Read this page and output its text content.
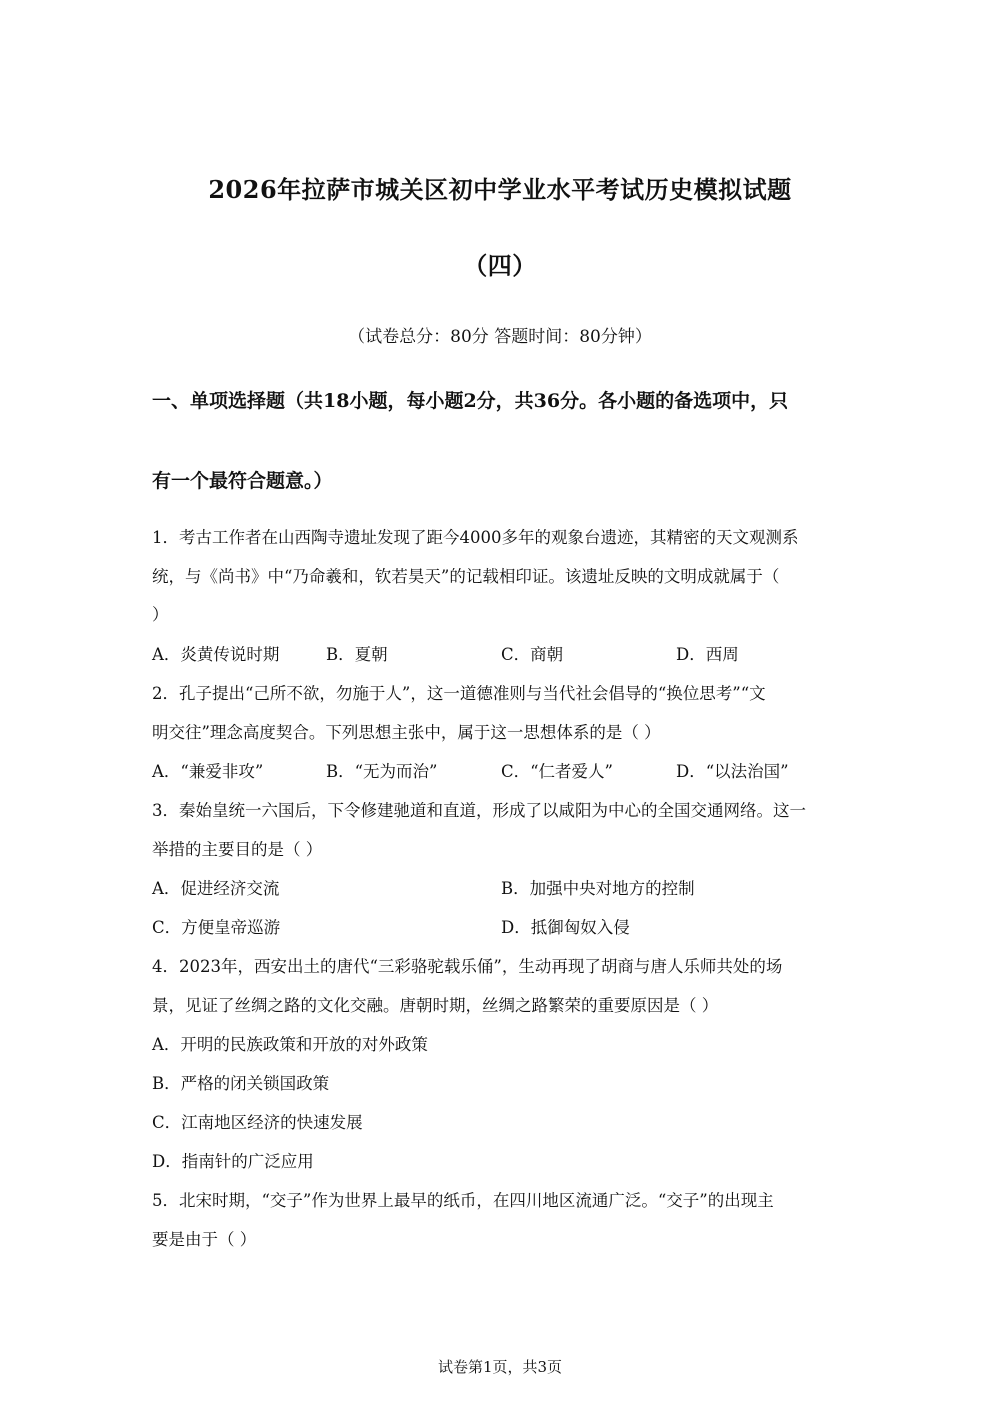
2026年拉萨市城关区初中学业水平考试历史模拟试题
（四）
（试卷总分：80分 答题时间：80分钟）
一、单项选择题（共18小题，每小题2分，共36分。各小题的备选项中，只
有一个最符合题意。）
1．考古工作者在山西陶寺遗址发现了距今4000多年的观象台遗迹，其精密的天文观测系
统，与《尚书》中“乃命羲和，钦若昊天”的记载相印证。该遗址反映的文明成就属于（
）
A．炎黄传说时期	B．夏朝	C．商朝	D．西周
2．孔子提出“己所不欲，勿施于人”，这一道德准则与当代社会倡导的“换位思考”“文
明交往”理念高度契合。下列思想主张中，属于这一思想体系的是（ ）
A．“兼爱非攻”	B．“无为而治”	C．“仁者爱人”	D．“以法治国”
3．秦始皇统一六国后，下令修建驰道和直道，形成了以咸阳为中心的全国交通网络。这一
举措的主要目的是（ ）
A．促进经济交流	B．加强中央对地方的控制
C．方便皇帝巡游	D．抵御匈奴入侵
4．2023年，西安出土的唐代“三彩骆驼载乐俑”，生动再现了胡商与唐人乐师共处的场
景，见证了丝绸之路的文化交融。唐朝时期，丝绸之路繁荣的重要原因是（ ）
A．开明的民族政策和开放的对外政策
B．严格的闭关锁国政策
C．江南地区经济的快速发展
D．指南针的广泛应用
5．北宋时期，“交子”作为世界上最早的纸币，在四川地区流通广泛。“交子”的出现主
要是由于（ ）
试卷第1页，共3页
